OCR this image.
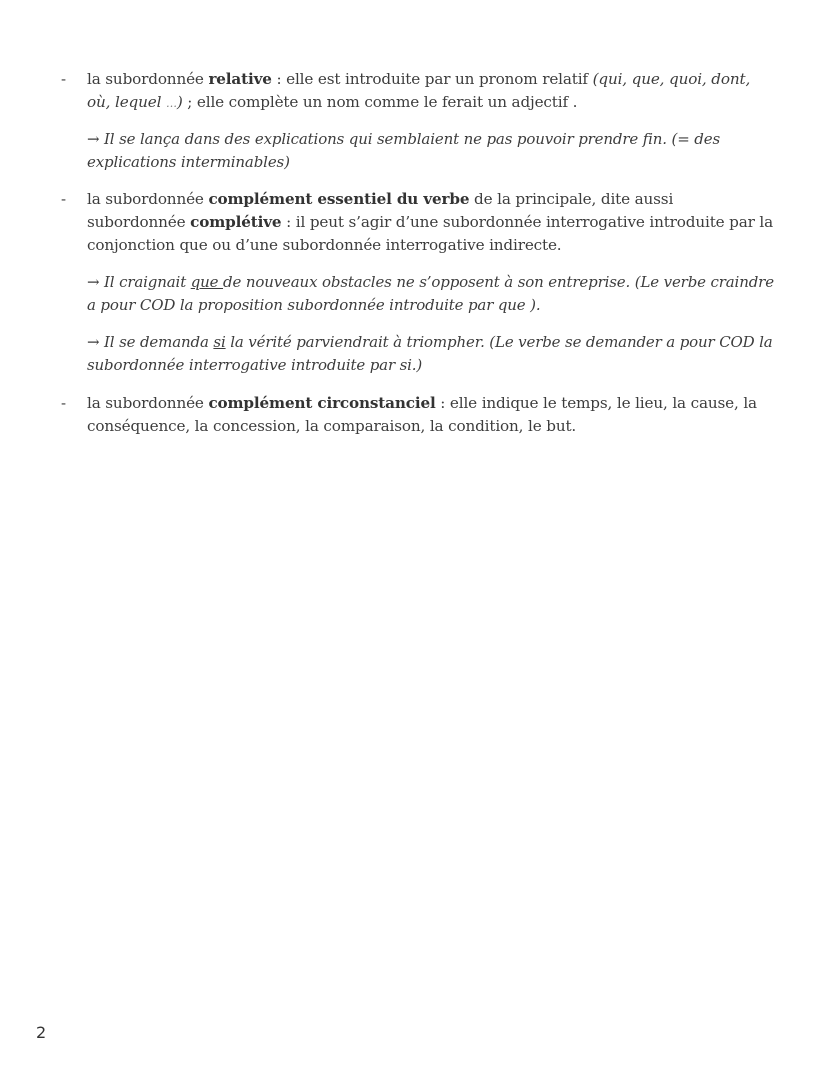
- la subordonnée relative : elle est introduite par un pronom relatif (qui, que, quoi, dont, où, lequel …) ; elle complète un nom comme le ferait un adjectif .
→ Il se lança dans des explications qui semblaient ne pas pouvoir prendre fin. (= des explications interminables)
- la subordonnée complément essentiel du verbe de la principale, dite aussi subordonnée complétive : il peut s’agir d’une subordonnée interrogative introduite par la conjonction que ou d’une subordonnée interrogative indirecte.
→ Il craignait que de nouveaux obstacles ne s’opposent à son entreprise. (Le verbe craindre a pour COD la proposition subordonnée introduite par que ).
→ Il se demanda si la vérité parviendrait à triompher. (Le verbe se demander a pour COD la subordonnée interrogative introduite par si.)
- la subordonnée complément circonstanciel : elle indique le temps, le lieu, la cause, la conséquence, la concession, la comparaison, la condition, le but.
2
